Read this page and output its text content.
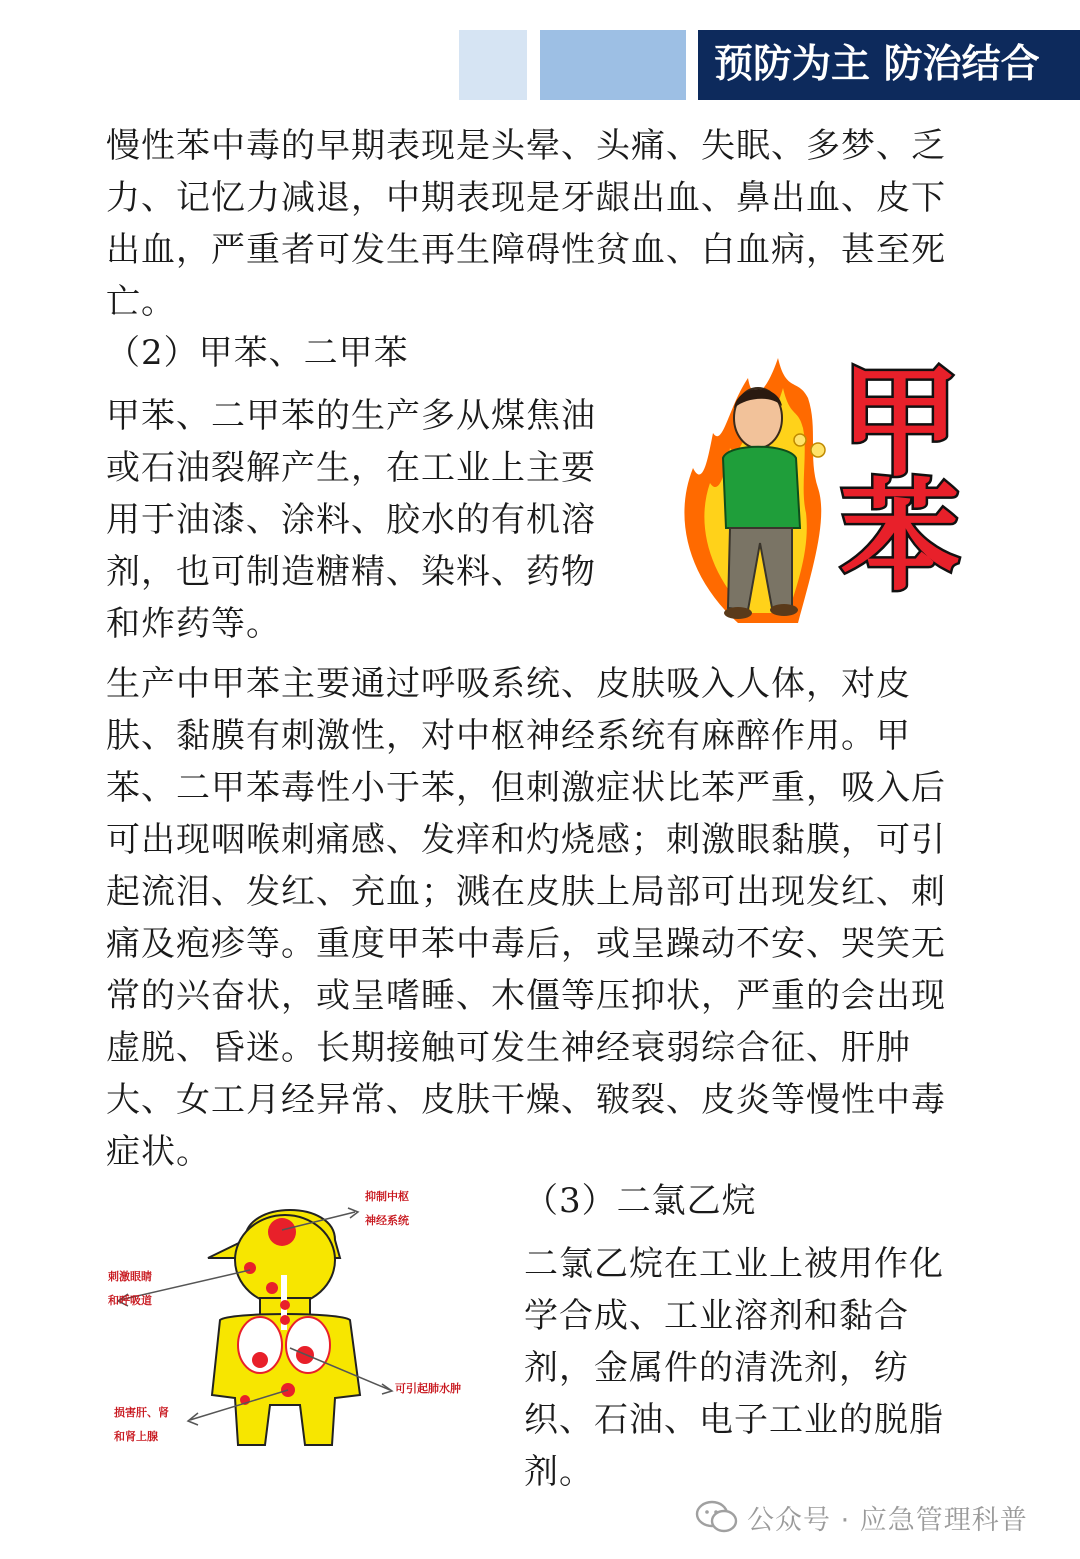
预防为主 防治结合

慢性苯中毒的早期表现是头晕、头痛、失眠、多梦、乏力、记忆力减退，中期表现是牙龈出血、鼻出血、皮下出血，严重者可发生再生障碍性贫血、白血病，甚至死亡。

（2）甲苯、二甲苯

甲苯、二甲苯的生产多从煤焦油或石油裂解产生，在工业上主要用于油漆、涂料、胶水的有机溶剂，也可制造糖精、染料、药物和炸药等。

甲
苯

生产中甲苯主要通过呼吸系统、皮肤吸入人体，对皮肤、黏膜有刺激性，对中枢神经系统有麻醉作用。甲苯、二甲苯毒性小于苯，但刺激症状比苯严重，吸入后可出现咽喉刺痛感、发痒和灼烧感；刺激眼黏膜，可引起流泪、发红、充血；溅在皮肤上局部可出现发红、刺痛及疱疹等。重度甲苯中毒后，或呈躁动不安、哭笑无常的兴奋状，或呈嗜睡、木僵等压抑状，严重的会出现虚脱、昏迷。长期接触可发生神经衰弱综合征、肝肿大、女工月经异常、皮肤干燥、皲裂、皮炎等慢性中毒症状。

抑制中枢
神经系统
刺激眼睛
和呼吸道
可引起肺水肿
损害肝、肾
和肾上腺

（3）二氯乙烷

二氯乙烷在工业上被用作化学合成、工业溶剂和黏合剂，金属件的清洗剂，纺织、石油、电子工业的脱脂剂。

公众号 · 应急管理科普
